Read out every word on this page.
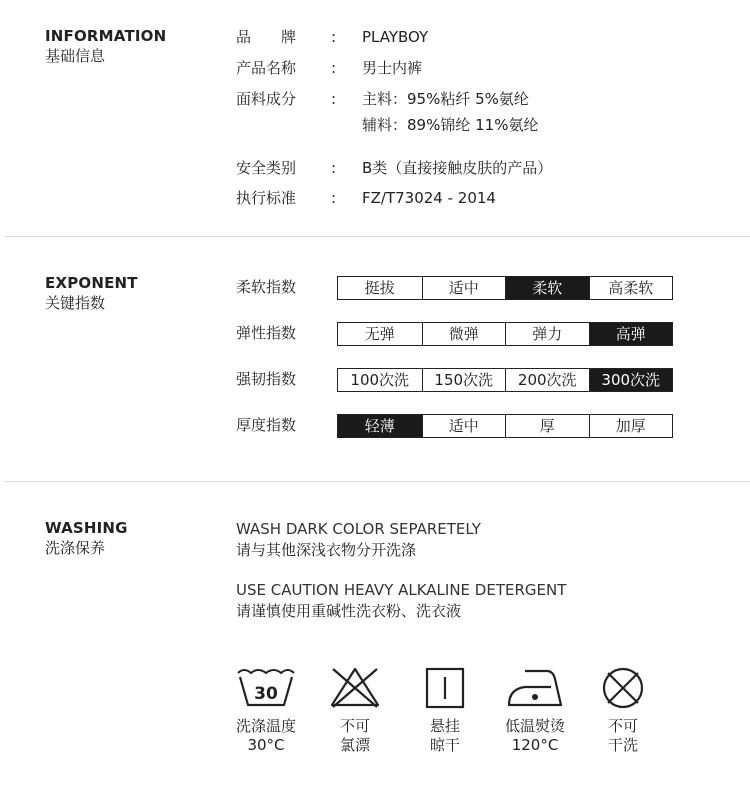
INFORMATION
基础信息
品　　牌	: PLAYBOY
产品名称	: 男士内裤
面料成分	: 主料：95%粘纤 5%氨纶
辅料：89%锦纶 11%氨纶
安全类别	: B类（直接接触皮肤的产品）
执行标准	: FZ/T73024 - 2014
EXPONENT
关键指数
柔软指数	挺拔	适中	柔软	高柔软
弹性指数	无弹	微弹	弹力	高弹
强韧指数	100次洗	150次洗	200次洗	300次洗
厚度指数	轻薄	适中	厚	加厚
WASHING
洗涤保养
WASH DARK COLOR SEPARETELY
请与其他深浅衣物分开洗涤
USE CAUTION HEAVY ALKALINE DETERGENT
请谨慎使用重碱性洗衣粉、洗衣液
30
洗涤温度
30°C
不可
氯漂
悬挂
晾干
低温熨烫
120°C
不可
干洗
